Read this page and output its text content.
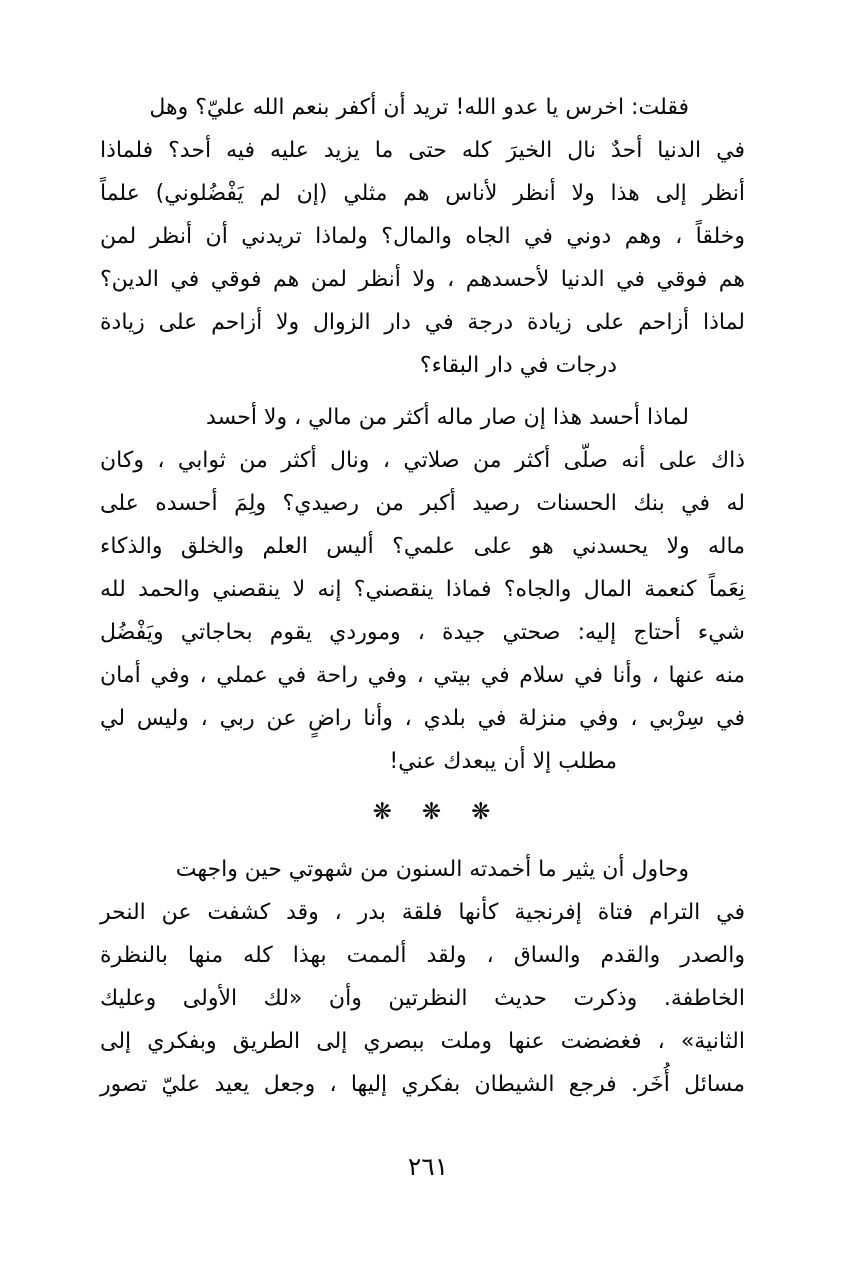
فقلت: اخرس يا عدو الله! تريد أن أكفر بنعم الله عليّ؟ وهل
في الدنيا أحدٌ نال الخيرَ كله حتى ما يزيد عليه فيه أحد؟ فلماذا
أنظر إلى هذا ولا أنظر لأناس هم مثلي (إن لم يَفْضُلوني) علماً
وخلقاً ، وهم دوني في الجاه والمال؟ ولماذا تريدني أن أنظر لمن
هم فوقي في الدنيا لأحسدهم ، ولا أنظر لمن هم فوقي في الدين؟
لماذا أزاحم على زيادة درجة في دار الزوال ولا أزاحم على زيادة
درجات في دار البقاء؟
لماذا أحسد هذا إن صار ماله أكثر من مالي ، ولا أحسد
ذاك على أنه صلّى أكثر من صلاتي ، ونال أكثر من ثوابي ، وكان
له في بنك الحسنات رصيد أكبر من رصيدي؟ ولِمَ أحسده على
ماله ولا يحسدني هو على علمي؟ أليس العلم والخلق والذكاء
نِعَماً كنعمة المال والجاه؟ فماذا ينقصني؟ إنه لا ينقصني والحمد لله
شيء أحتاج إليه: صحتي جيدة ، وموردي يقوم بحاجاتي ويَفْضُل
منه عنها ، وأنا في سلام في بيتي ، وفي راحة في عملي ، وفي أمان
في سِرْبي ، وفي منزلة في بلدي ، وأنا راضٍ عن ربي ، وليس لي
مطلب إلا أن يبعدك عني!
❋❋❋
وحاول أن يثير ما أخمدته السنون من شهوتي حين واجهت
في الترام فتاة إفرنجية كأنها فلقة بدر ، وقد كشفت عن النحر
والصدر والقدم والساق ، ولقد ألممت بهذا كله منها بالنظرة
الخاطفة. وذكرت حديث النظرتين وأن «لك الأولى وعليك
الثانية» ، فغضضت عنها وملت ببصري إلى الطريق وبفكري إلى
مسائل أُخَر. فرجع الشيطان بفكري إليها ، وجعل يعيد عليّ تصور
٢٦١
